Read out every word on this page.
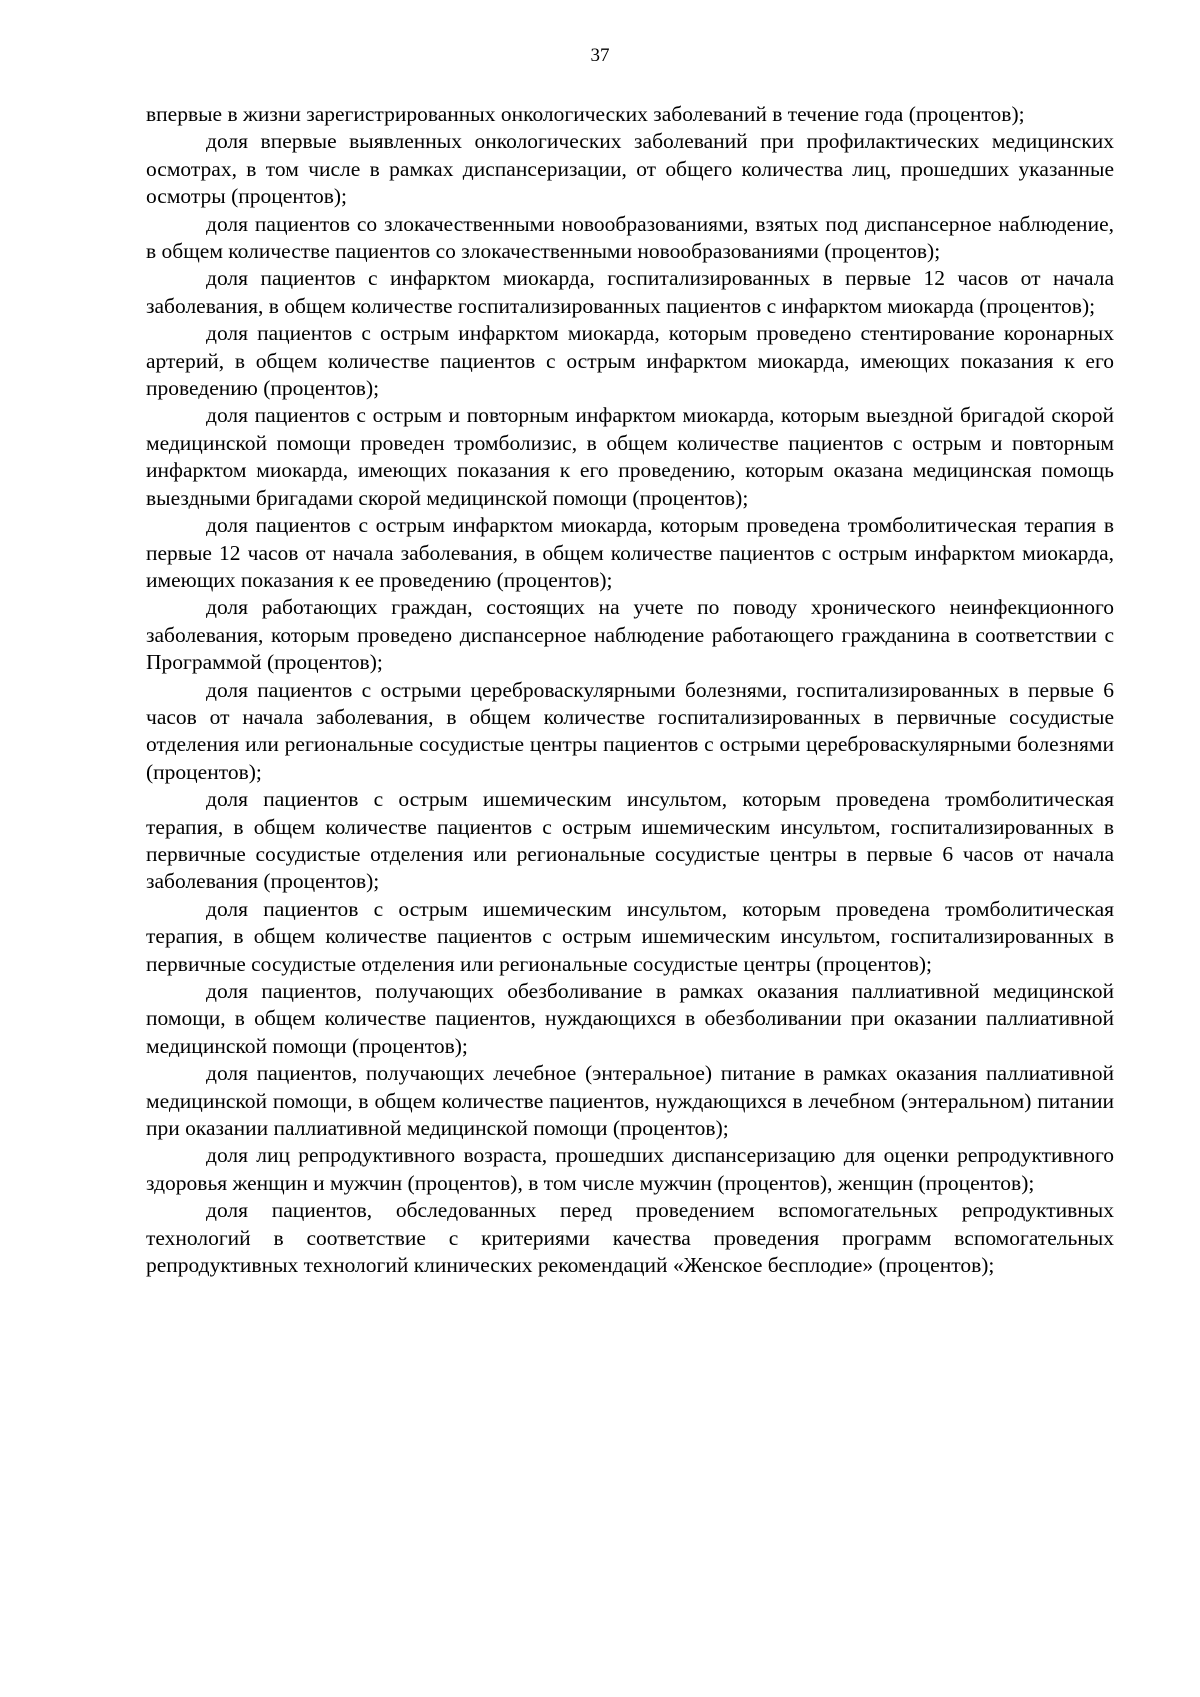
37

впервые в жизни зарегистрированных онкологических заболеваний в течение года (процентов);

доля впервые выявленных онкологических заболеваний при профилактических медицинских осмотрах, в том числе в рамках диспансеризации, от общего количества лиц, прошедших указанные осмотры (процентов);

доля пациентов со злокачественными новообразованиями, взятых под диспансерное наблюдение, в общем количестве пациентов со злокачественными новообразованиями (процентов);

доля пациентов с инфарктом миокарда, госпитализированных в первые 12 часов от начала заболевания, в общем количестве госпитализированных пациентов с инфарктом миокарда (процентов);

доля пациентов с острым инфарктом миокарда, которым проведено стентирование коронарных артерий, в общем количестве пациентов с острым инфарктом миокарда, имеющих показания к его проведению (процентов);

доля пациентов с острым и повторным инфарктом миокарда, которым выездной бригадой скорой медицинской помощи проведен тромболизис, в общем количестве пациентов с острым и повторным инфарктом миокарда, имеющих показания к его проведению, которым оказана медицинская помощь выездными бригадами скорой медицинской помощи (процентов);

доля пациентов с острым инфарктом миокарда, которым проведена тромболитическая терапия в первые 12 часов от начала заболевания, в общем количестве пациентов с острым инфарктом миокарда, имеющих показания к ее проведению (процентов);

доля работающих граждан, состоящих на учете по поводу хронического неинфекционного заболевания, которым проведено диспансерное наблюдение работающего гражданина в соответствии с Программой (процентов);

доля пациентов с острыми цереброваскулярными болезнями, госпитализированных в первые 6 часов от начала заболевания, в общем количестве госпитализированных в первичные сосудистые отделения или региональные сосудистые центры пациентов с острыми цереброваскулярными болезнями (процентов);

доля пациентов с острым ишемическим инсультом, которым проведена тромболитическая терапия, в общем количестве пациентов с острым ишемическим инсультом, госпитализированных в первичные сосудистые отделения или региональные сосудистые центры в первые 6 часов от начала заболевания (процентов);

доля пациентов с острым ишемическим инсультом, которым проведена тромболитическая терапия, в общем количестве пациентов с острым ишемическим инсультом, госпитализированных в первичные сосудистые отделения или региональные сосудистые центры (процентов);

доля пациентов, получающих обезболивание в рамках оказания паллиативной медицинской помощи, в общем количестве пациентов, нуждающихся в обезболивании при оказании паллиативной медицинской помощи (процентов);

доля пациентов, получающих лечебное (энтеральное) питание в рамках оказания паллиативной медицинской помощи, в общем количестве пациентов, нуждающихся в лечебном (энтеральном) питании при оказании паллиативной медицинской помощи (процентов);

доля лиц репродуктивного возраста, прошедших диспансеризацию для оценки репродуктивного здоровья женщин и мужчин (процентов), в том числе мужчин (процентов), женщин (процентов);

доля пациентов, обследованных перед проведением вспомогательных репродуктивных технологий в соответствие с критериями качества проведения программ вспомогательных репродуктивных технологий клинических рекомендаций «Женское бесплодие» (процентов);
